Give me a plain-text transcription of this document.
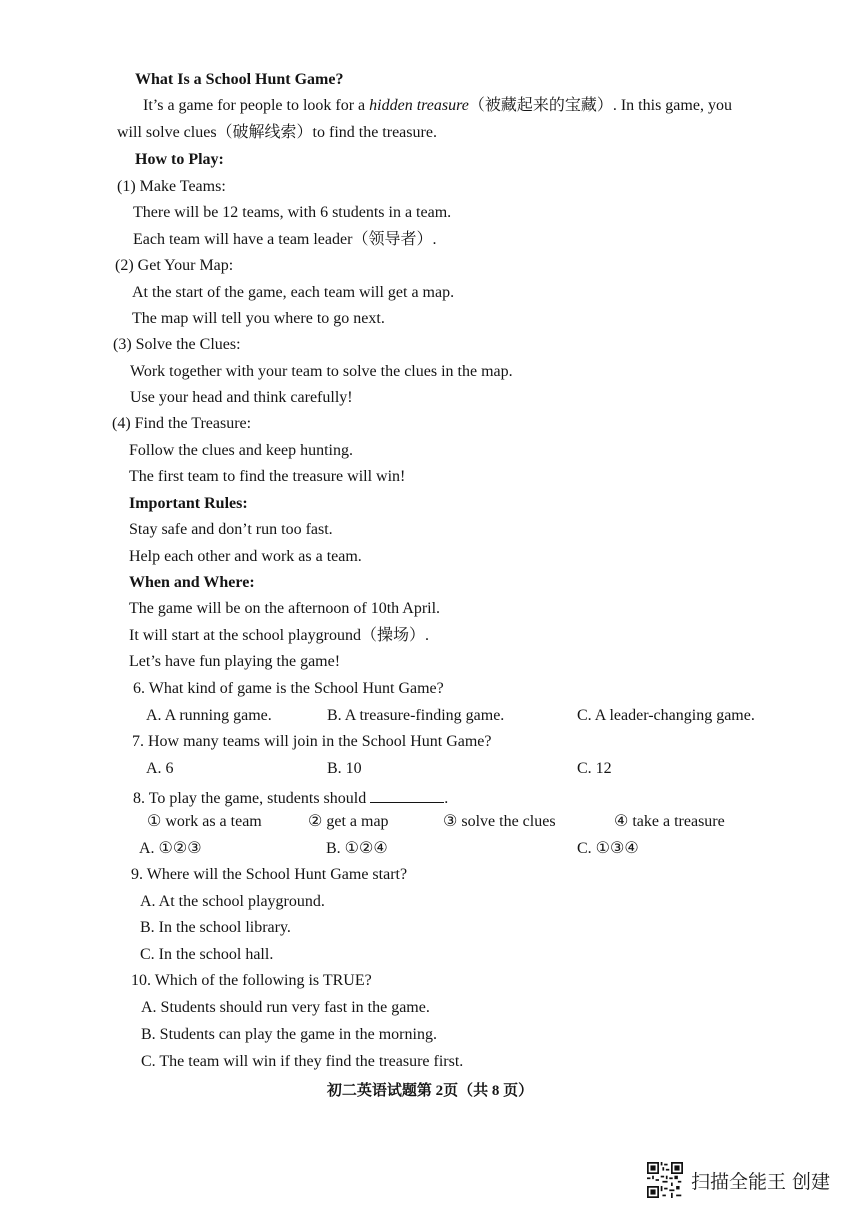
What Is a School Hunt Game?
It’s a game for people to look for a hidden treasure（被藏起来的宝藏）. In this game, you
will solve clues（破解线索）to find the treasure.
How to Play:
(1) Make Teams:
There will be 12 teams, with 6 students in a team.
Each team will have a team leader（领导者）.
(2) Get Your Map:
At the start of the game, each team will get a map.
The map will tell you where to go next.
(3) Solve the Clues:
Work together with your team to solve the clues in the map.
Use your head and think carefully!
(4) Find the Treasure:
Follow the clues and keep hunting.
The first team to find the treasure will win!
Important Rules:
Stay safe and don’t run too fast.
Help each other and work as a team.
When and Where:
The game will be on the afternoon of 10th April.
It will start at the school playground（操场）.
Let’s have fun playing the game!
6. What kind of game is the School Hunt Game?
A. A running game.	B. A treasure-finding game.	C. A leader-changing game.
7. How many teams will join in the School Hunt Game?
A. 6	B. 10	C. 12
8. To play the game, students should	.
① work as a team	② get a map	③ solve the clues	④ take a treasure
A. ①②③	B. ①②④	C. ①③④
9. Where will the School Hunt Game start?
A. At the school playground.
B. In the school library.
C. In the school hall.
10. Which of the following is TRUE?
A. Students should run very fast in the game.
B. Students can play the game in the morning.
C. The team will win if they find the treasure first.
初二英语试题第 2页（共 8 页）
扫描全能王 创建
